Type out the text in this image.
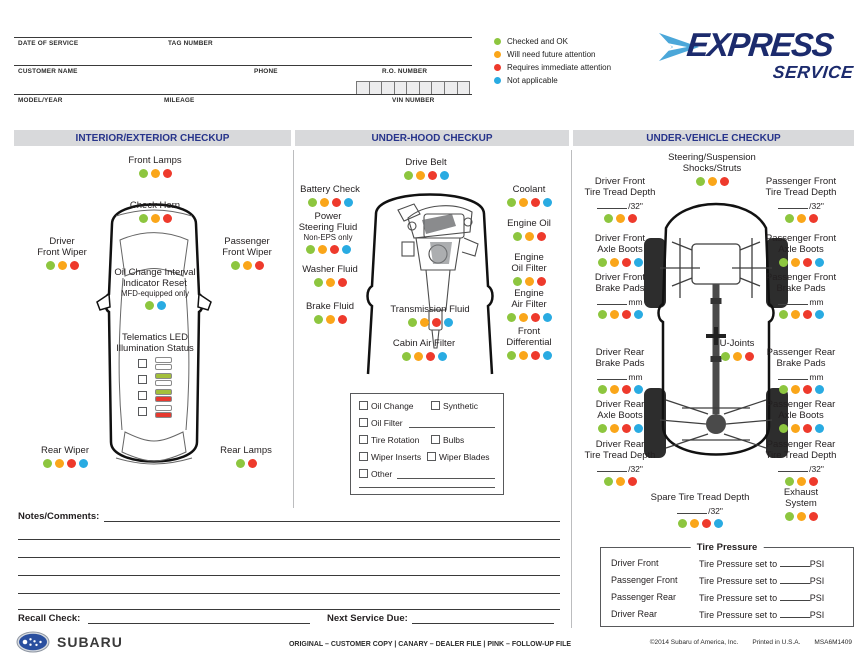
DATE OF SERVICE	TAG NUMBER
CUSTOMER NAME	PHONE	R.O. NUMBER
MODEL/YEAR	MILEAGE	VIN NUMBER
Checked and OK
Will need future attention
Requires immediate attention
Not applicable
EXPRESS
SERVICE
INTERIOR/EXTERIOR CHECKUP	UNDER-HOOD CHECKUP	UNDER-VEHICLE CHECKUP
Front Lamps
Check Horn
Driver
Front Wiper
Passenger
Front Wiper
Oil Change Interval
Indicator Reset
MFD-equipped only
Telematics LED
Illumination Status
Rear Wiper	Rear Lamps
Drive Belt
Battery Check	Coolant
Power
Steering Fluid
Non-EPS only
Engine Oil
Washer Fluid
Engine
Oil Filter
Brake Fluid
Engine
Air Filter
Transmission Fluid
Front
Differential
Cabin Air Filter
Oil Change	Synthetic
Oil Filter
Tire Rotation	Bulbs
Wiper Inserts	Wiper Blades
Other
Steering/Suspension
Shocks/Struts
Driver Front
Tire Tread Depth
/32"
Passenger Front
Tire Tread Depth
/32"
Driver Front
Axle Boots
Passenger Front
Axle Boots
Driver Front
Brake Pads
mm
Passenger Front
Brake Pads
mm
U-Joints
Driver Rear
Brake Pads
mm
Passenger Rear
Brake Pads
mm
Driver Rear
Axle Boots
Passenger Rear
Axle Boots
Driver Rear
Tire Tread Depth
/32"
Passenger Rear
Tire Tread Depth
/32"
Spare Tire Tread Depth
/32"
Exhaust
System
Notes/Comments:
Recall Check:	Next Service Due:
Tire Pressure
Driver Front	Tire Pressure set to	PSI
Passenger Front Tire Pressure set to	PSI
Passenger Rear	Tire Pressure set to	PSI
Driver Rear	Tire Pressure set to	PSI
SUBARU	ORIGINAL – CUSTOMER COPY | CANARY – DEALER FILE | PINK – FOLLOW-UP FILE	©2014 Subaru of America, Inc. Printed in U.S.A. MSA6M1409
